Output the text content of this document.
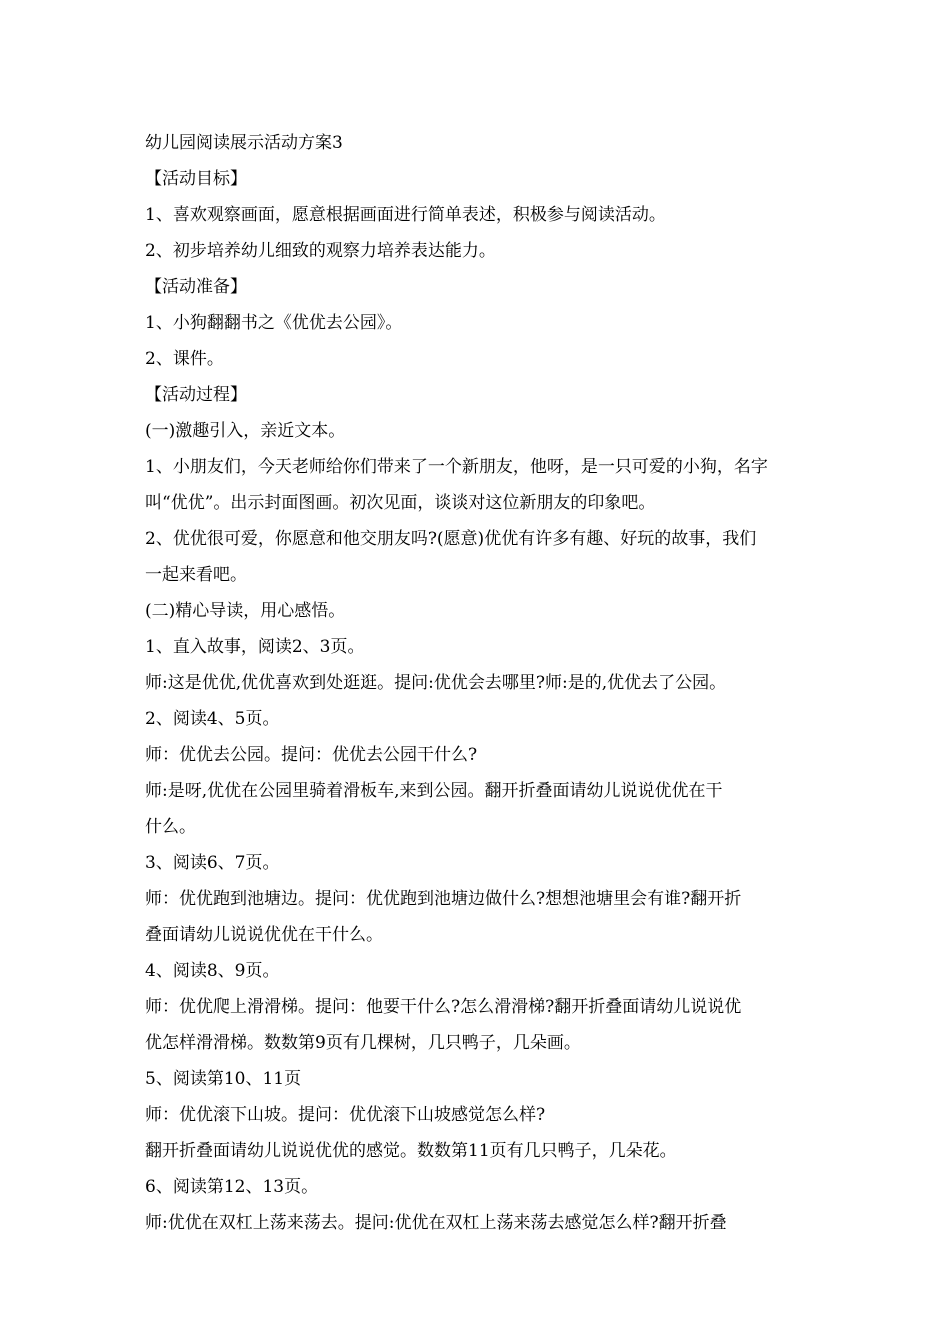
幼儿园阅读展示活动方案3

【活动目标】

1、喜欢观察画面，愿意根据画面进行简单表述，积极参与阅读活动。

2、初步培养幼儿细致的观察力培养表达能力。

【活动准备】

1、小狗翻翻书之《优优去公园》。

2、课件。

【活动过程】

(一)激趣引入，亲近文本。

1、小朋友们，今天老师给你们带来了一个新朋友，他呀，是一只可爱的小狗，名字

叫“优优”。出示封面图画。初次见面，谈谈对这位新朋友的印象吧。

2、优优很可爱，你愿意和他交朋友吗?(愿意)优优有许多有趣、好玩的故事，我们

一起来看吧。

(二)精心导读，用心感悟。

1、直入故事，阅读2、3页。

师:这是优优,优优喜欢到处逛逛。提问:优优会去哪里?师:是的,优优去了公园。

2、阅读4、5页。

师：优优去公园。提问：优优去公园干什么?

师:是呀,优优在公园里骑着滑板车,来到公园。翻开折叠面请幼儿说说优优在干

什么。

3、阅读6、7页。

师：优优跑到池塘边。提问：优优跑到池塘边做什么?想想池塘里会有谁?翻开折

叠面请幼儿说说优优在干什么。

4、阅读8、9页。

师：优优爬上滑滑梯。提问：他要干什么?怎么滑滑梯?翻开折叠面请幼儿说说优

优怎样滑滑梯。数数第9页有几棵树，几只鸭子，几朵画。

5、阅读第10、11页

师：优优滚下山坡。提问：优优滚下山坡感觉怎么样?

翻开折叠面请幼儿说说优优的感觉。数数第11页有几只鸭子，几朵花。

6、阅读第12、13页。

师:优优在双杠上荡来荡去。提问:优优在双杠上荡来荡去感觉怎么样?翻开折叠
